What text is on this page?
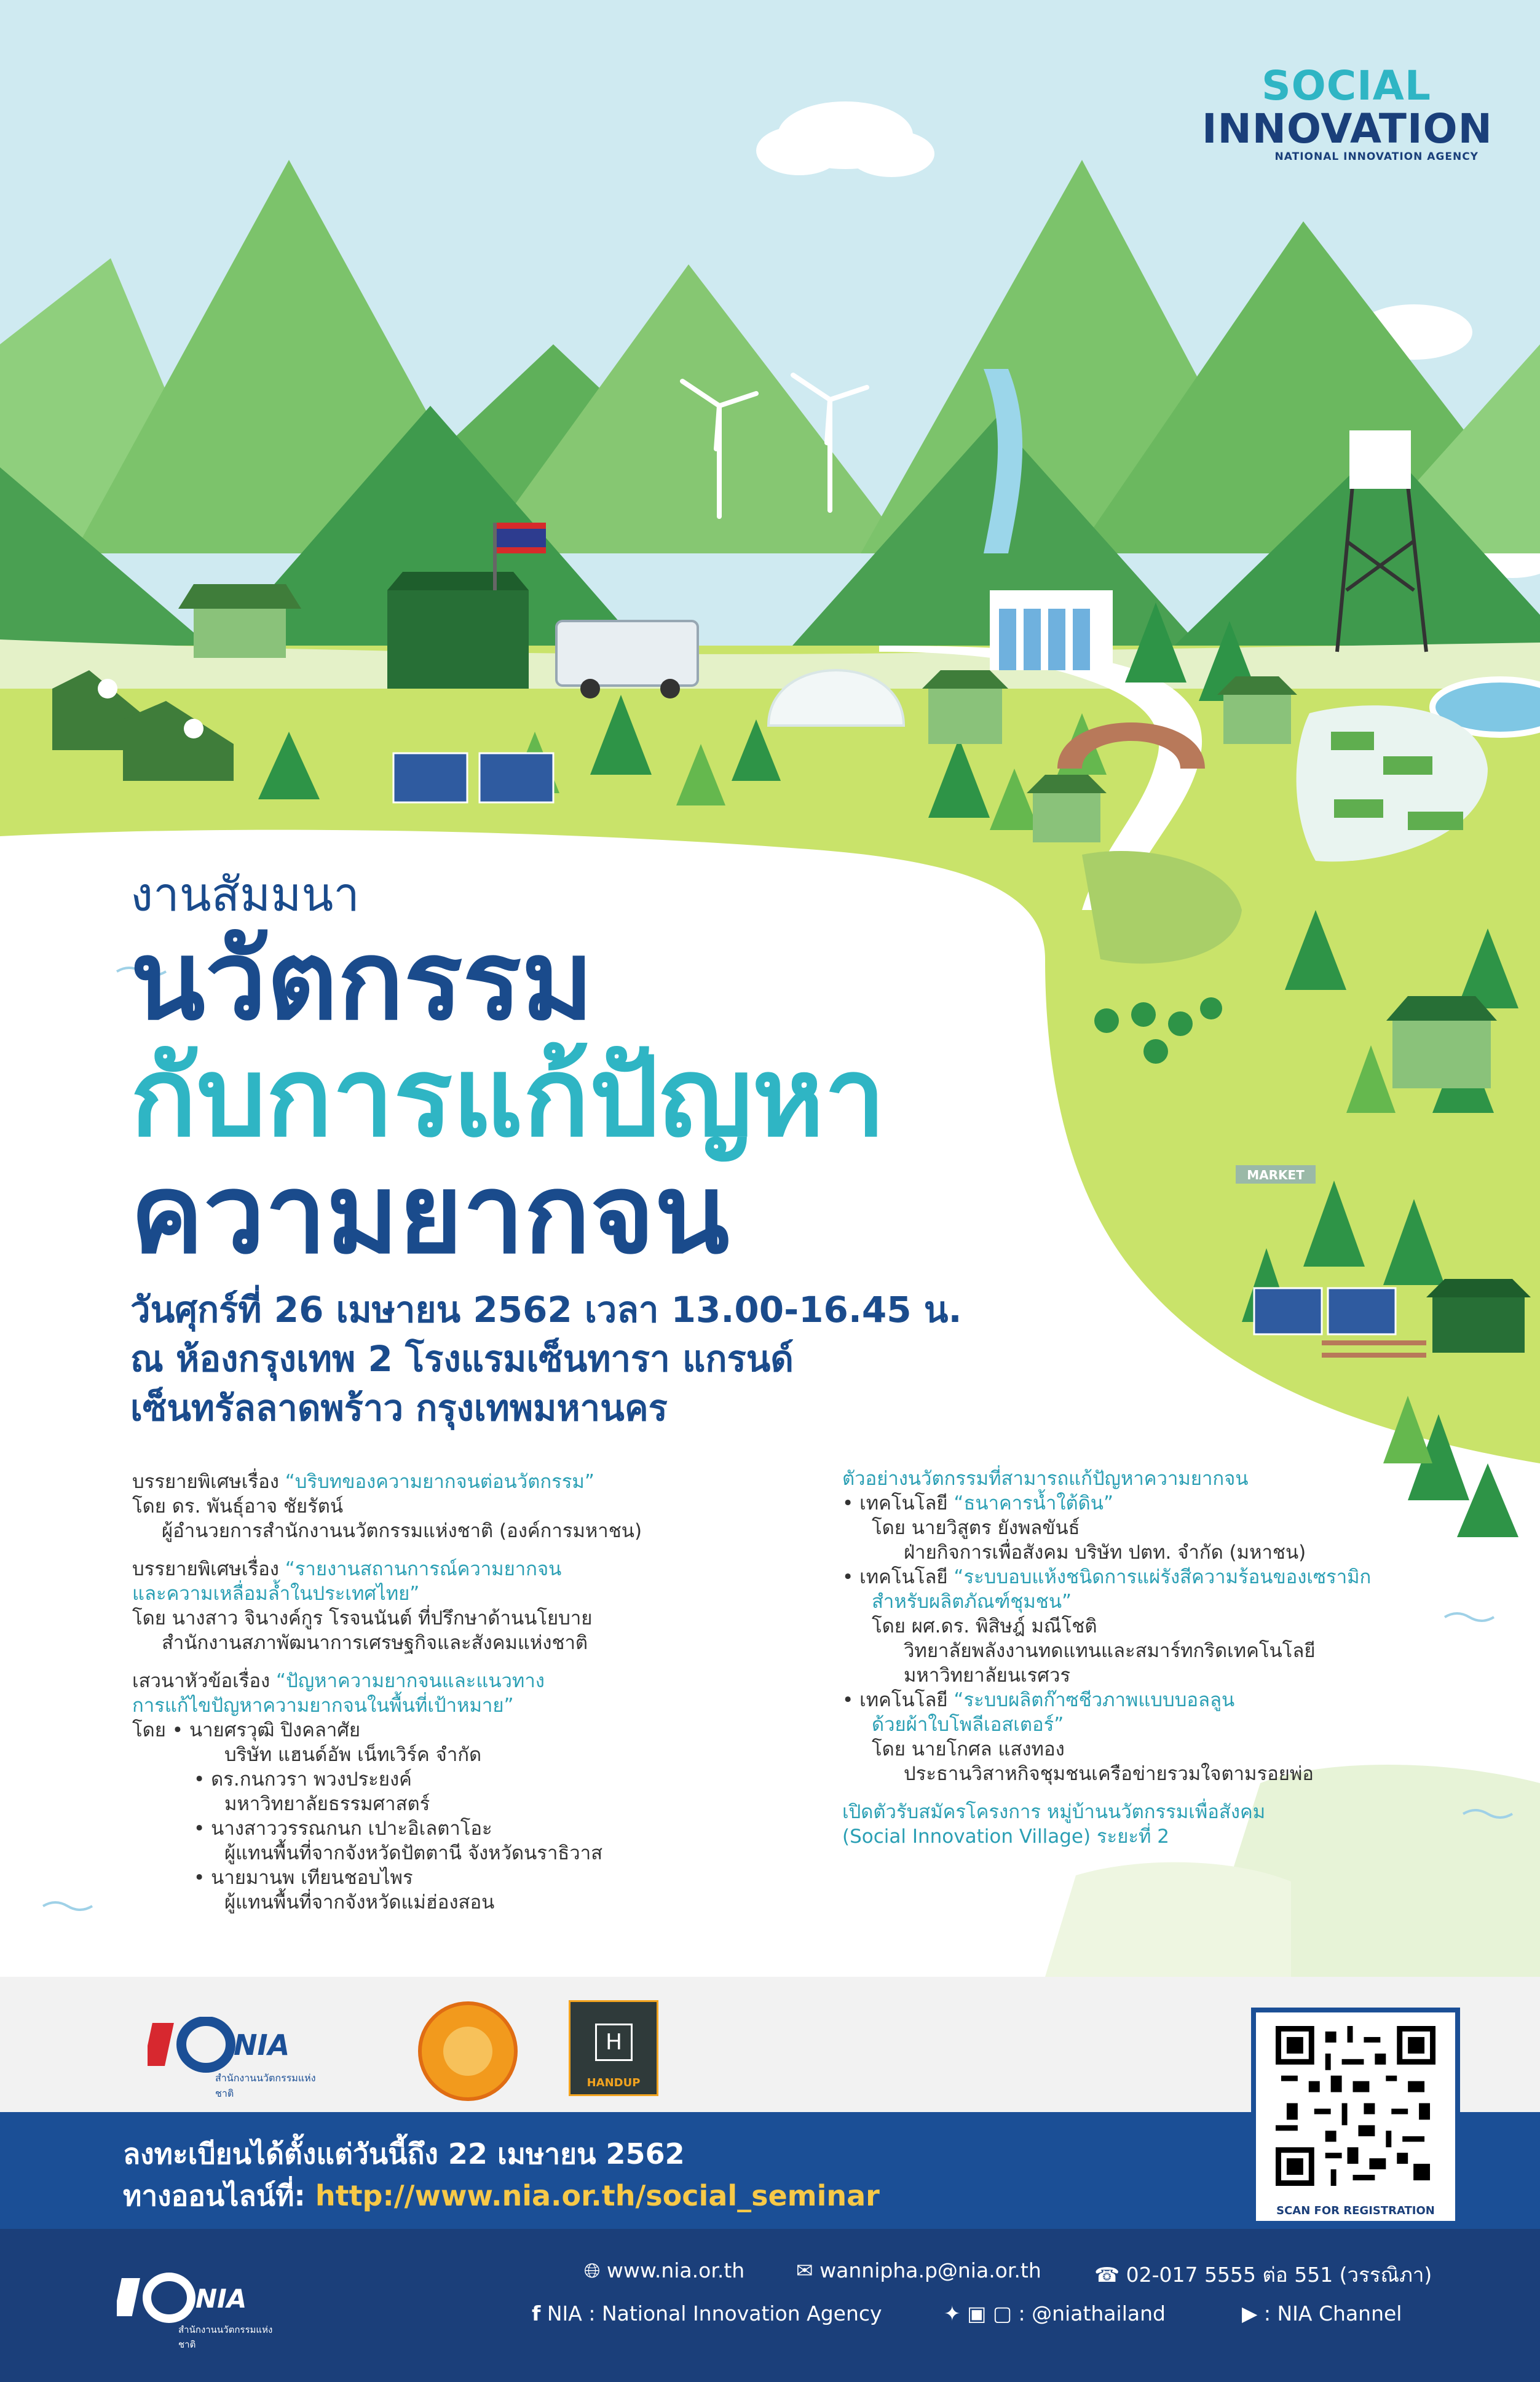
MARKET
SOCIAL
INNOVATION
NATIONAL INNOVATION AGENCY
งานสัมมนา
นวัตกรรม
กับการแก้ปัญหา
ความยากจน
วันศุกร์ที่ 26 เมษายน 2562 เวลา 13.00-16.45 น.
ณ ห้องกรุงเทพ 2 โรงแรมเซ็นทารา แกรนด์
เซ็นทรัลลาดพร้าว กรุงเทพมหานคร
บรรยายพิเศษเรื่อง “บริบทของความยากจนต่อนวัตกรรม”
โดย ดร. พันธุ์อาจ ชัยรัตน์
ผู้อำนวยการสำนักงานนวัตกรรมแห่งชาติ (องค์การมหาชน)
บรรยายพิเศษเรื่อง “รายงานสถานการณ์ความยากจน
และความเหลื่อมล้ำในประเทศไทย”
โดย นางสาว จินางค์กูร โรจนนันต์ ที่ปรึกษาด้านนโยบาย
สำนักงานสภาพัฒนาการเศรษฐกิจและสังคมแห่งชาติ
เสวนาหัวข้อเรื่อง “ปัญหาความยากจนและแนวทาง
การแก้ไขปัญหาความยากจนในพื้นที่เป้าหมาย”
โดย • นายศรวุฒิ ปิงคลาศัย
บริษัท แฮนด์อัพ เน็ทเวิร์ค จำกัด
• ดร.กนกวรา พวงประยงค์
มหาวิทยาลัยธรรมศาสตร์
• นางสาววรรณกนก เปาะอิเลตาโอะ
ผู้แทนพื้นที่จากจังหวัดปัตตานี จังหวัดนราธิวาส
• นายมานพ เทียนชอบไพร
ผู้แทนพื้นที่จากจังหวัดแม่ฮ่องสอน
ตัวอย่างนวัตกรรมที่สามารถแก้ปัญหาความยากจน
• เทคโนโลยี “ธนาคารน้ำใต้ดิน”
โดย นายวิสูตร ยังพลขันธ์
ฝ่ายกิจการเพื่อสังคม บริษัท ปตท. จำกัด (มหาชน)
• เทคโนโลยี “ระบบอบแห้งชนิดการแผ่รังสีความร้อนของเซรามิก
สำหรับผลิตภัณฑ์ชุมชน”
โดย ผศ.ดร. พิสิษฎ์ มณีโชติ
วิทยาลัยพลังงานทดแทนและสมาร์ทกริดเทคโนโลยี
มหาวิทยาลัยนเรศวร
• เทคโนโลยี “ระบบผลิตก๊าซชีวภาพแบบบอลลูน
ด้วยผ้าใบโพลีเอสเตอร์”
โดย นายโกศล แสงทอง
ประธานวิสาหกิจชุมชนเครือข่ายรวมใจตามรอยพ่อ
เปิดตัวรับสมัครโครงการ หมู่บ้านนวัตกรรมเพื่อสังคม
(Social Innovation Village) ระยะที่ 2
NIA
สำนักงานนวัตกรรมแห่งชาติ
H
HANDUP
ลงทะเบียนได้ตั้งแต่วันนี้ถึง 22 เมษายน 2562
ทางออนไลน์ที่: http://www.nia.or.th/social_seminar	SCAN FOR REGISTRATION
NIA
สำนักงานนวัตกรรมแห่งชาติ
🌐︎ www.nia.or.th	✉ wannipha.p@nia.or.th	☎ 02-017 5555 ต่อ 551 (วรรณิภา)
f NIA : National Innovation Agency	✦ ▣ ▢ : @niathailand	▶ : NIA Channel
